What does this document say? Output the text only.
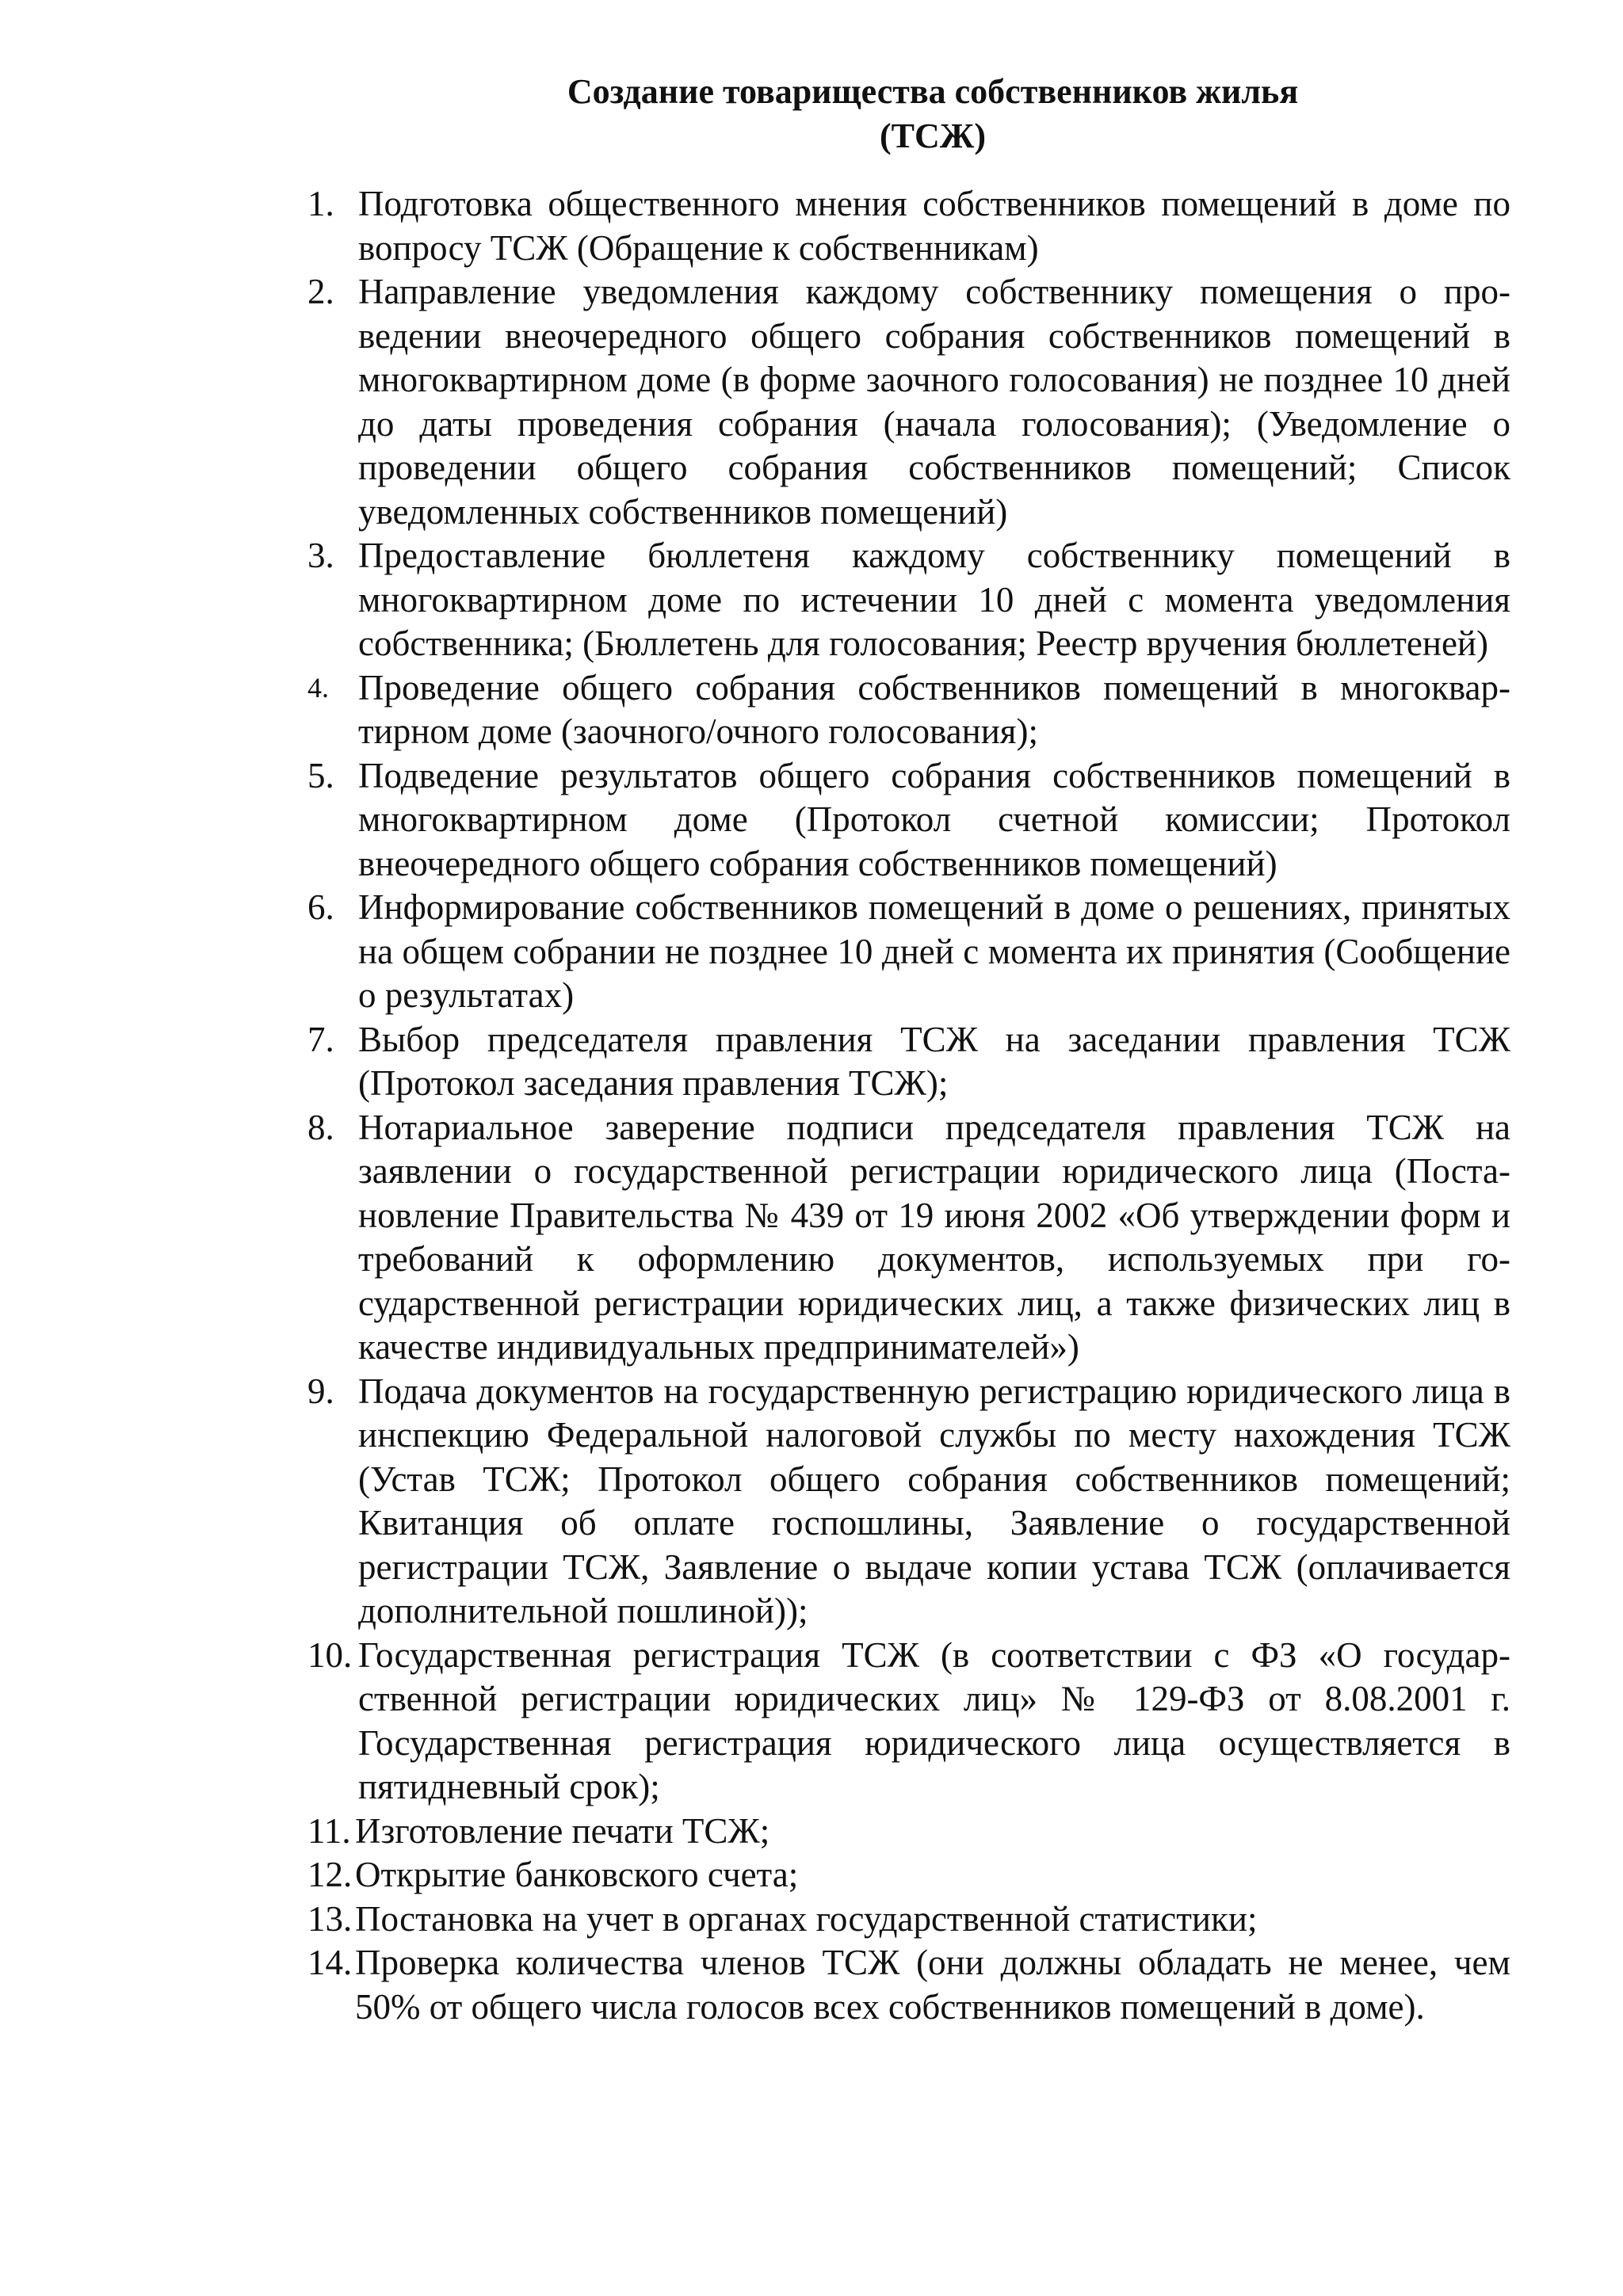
Создание товарищества собственников жилья
(ТСЖ)
1. Подготовка общественного мнения собственников помещений в доме по вопросу ТСЖ (Обращение к собственникам)
2. Направление уведомления каждому собственнику помещения о проведении внеочередного общего собрания собственников помещений в многоквартирном доме (в форме заочного голосования) не позднее 10 дней до даты проведения собрания (начала голосования); (Уведомление о проведении общего собрания собственников помещений; Список уведомленных собственников помещений)
3. Предоставление бюллетеня каждому собственнику помещений в многоквартирном доме по истечении 10 дней с момента уведомления собственника; (Бюллетень для голосования; Реестр вручения бюллетеней)
4. Проведение общего собрания собственников помещений в многоквартирном доме (заочного/очного голосования);
5. Подведение результатов общего собрания собственников помещений в многоквартирном доме (Протокол счетной комиссии; Протокол внеочередного общего собрания собственников помещений)
6. Информирование собственников помещений в доме о решениях, принятых на общем собрании не позднее 10 дней с момента их принятия (Сообщение о результатах)
7. Выбор председателя правления ТСЖ на заседании правления ТСЖ (Протокол заседания правления ТСЖ);
8. Нотариальное заверение подписи председателя правления ТСЖ на заявлении о государственной регистрации юридического лица (Постановление Правительства № 439 от 19 июня 2002 «Об утверждении форм и требований к оформлению документов, используемых при государственной регистрации юридических лиц, а также физических лиц в качестве индивидуальных предпринимателей»)
9. Подача документов на государственную регистрацию юридического лица в инспекцию Федеральной налоговой службы по месту нахождения ТСЖ (Устав ТСЖ; Протокол общего собрания собственников помещений; Квитанция об оплате госпошлины, Заявление о государственной регистрации ТСЖ, Заявление о выдаче копии устава ТСЖ (оплачивается дополнительной пошлиной));
10. Государственная регистрация ТСЖ (в соответствии с ФЗ «О государственной регистрации юридических лиц» № 129-ФЗ от 8.08.2001 г. Государственная регистрация юридического лица осуществляется в пятидневный срок);
11. Изготовление печати ТСЖ;
12. Открытие банковского счета;
13. Постановка на учет в органах государственной статистики;
14. Проверка количества членов ТСЖ (они должны обладать не менее, чем 50% от общего числа голосов всех собственников помещений в доме).
